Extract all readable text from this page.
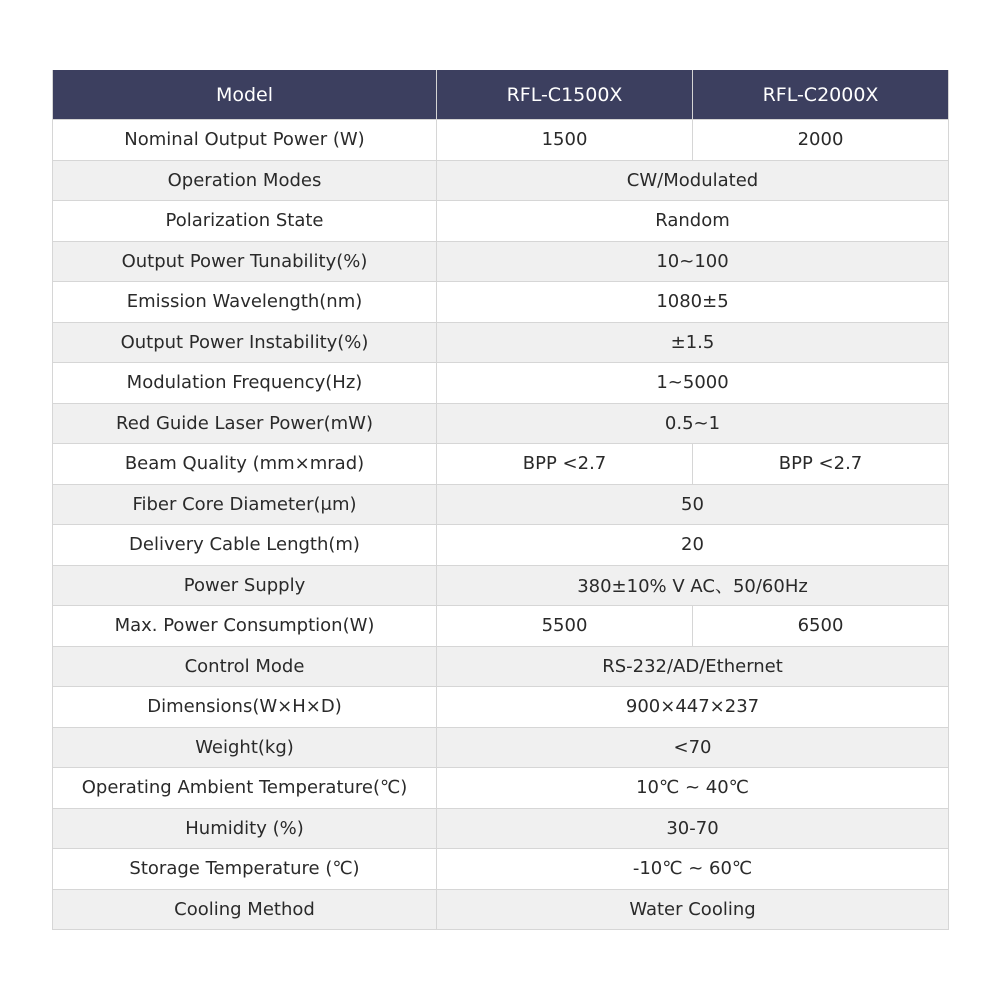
Model	RFL-C1500X	RFL-C2000X
Nominal Output Power (W)	1500	2000
Operation Modes	CW/Modulated	
Polarization State	Random	
Output Power Tunability(%)	10~100	
Emission Wavelength(nm)	1080±5	
Output Power Instability(%)	±1.5	
Modulation Frequency(Hz)	1~5000	
Red Guide Laser Power(mW)	0.5~1	
Beam Quality (mm×mrad)	BPP <2.7	BPP <2.7
Fiber Core Diameter(μm)	50	
Delivery Cable Length(m)	20	
Power Supply	380±10% V AC、50/60Hz	
Max. Power Consumption(W)	5500	6500
Control Mode	RS-232/AD/Ethernet	
Dimensions(W×H×D)	900×447×237	
Weight(kg)	<70	
Operating Ambient Temperature(℃)	10℃ ~ 40℃	
Humidity (%)	30-70	
Storage Temperature (℃)	-10℃ ~ 60℃	
Cooling Method	Water Cooling	
